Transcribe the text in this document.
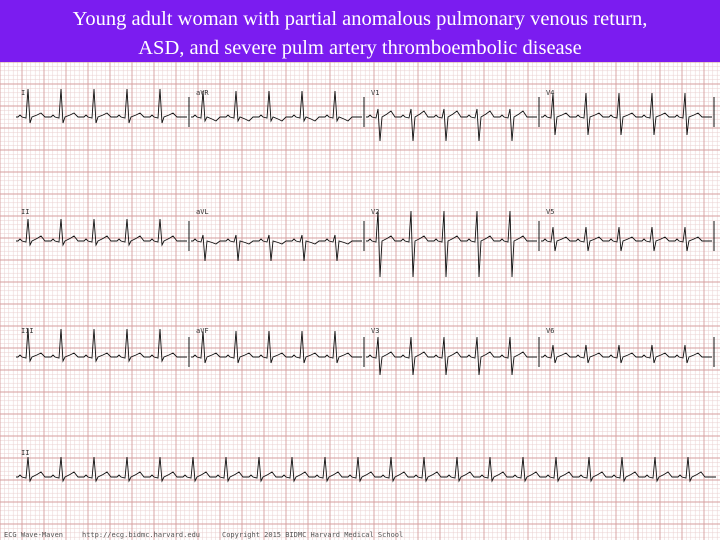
Young adult woman with partial anomalous pulmonary venous return,
ASD, and severe pulm artery thromboembolic disease
I	aVR	V1	V4
II	aVL	V2	V5
III	aVF	V3	V6
II
ECG Wave-Maven	http://ecg.bidmc.harvard.edu	Copyright 2015 BIDMC Harvard Medical School
